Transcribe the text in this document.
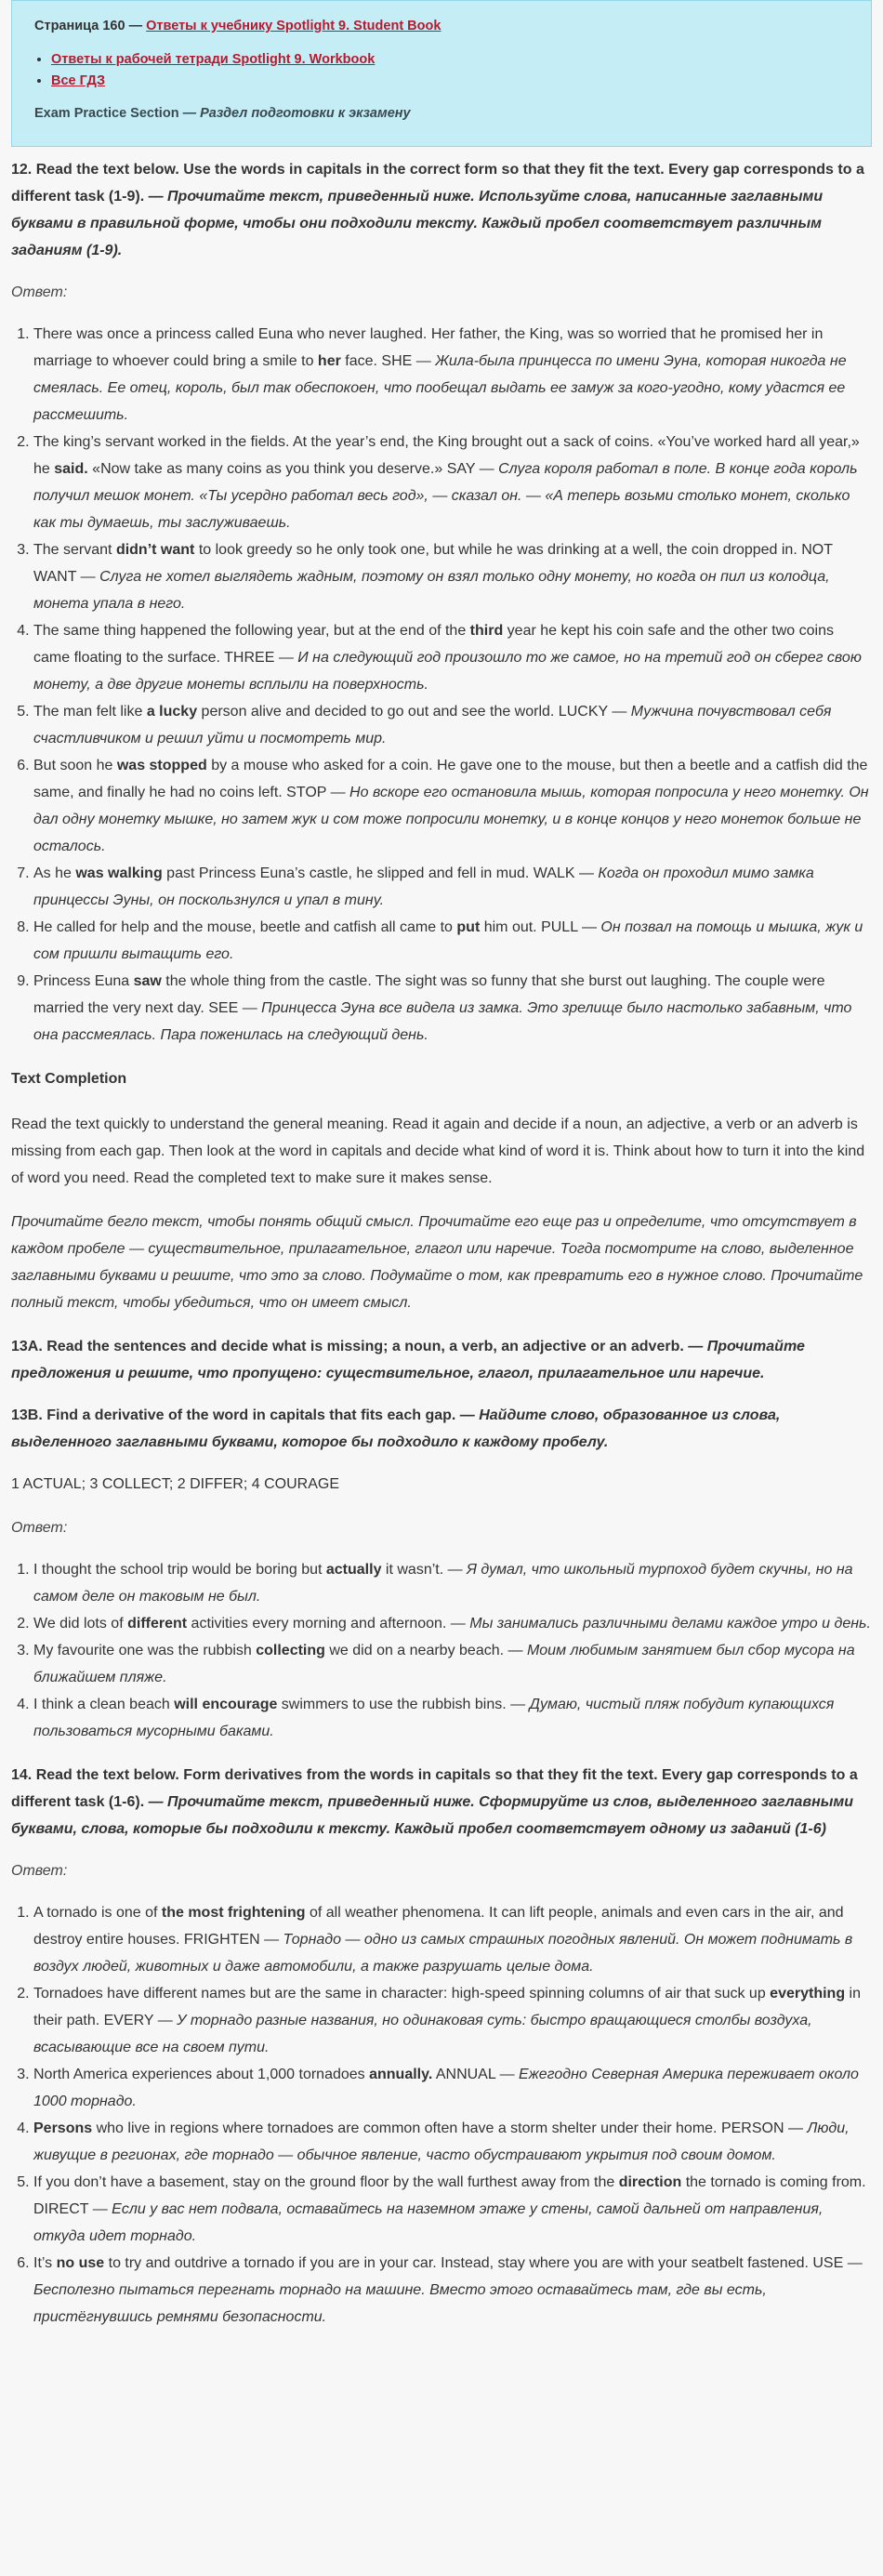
Страница 160 — Ответы к учебнику Spotlight 9. Student Book

• Ответы к рабочей тетради Spotlight 9. Workbook
• Все ГДЗ

Exam Practice Section — Раздел подготовки к экзамену

12. Read the text below. Use the words in capitals in the correct form so that they fit the text. Every gap corresponds to a different task (1-9). — Прочитайте текст, приведенный ниже. Используйте слова, написанные заглавными буквами в правильной форме, чтобы они подходили тексту. Каждый пробел соответствует различным заданиям (1-9).

Ответ:

1. There was once a princess called Euna who never laughed. Her father, the King, was so worried that he promised her in marriage to whoever could bring a smile to her face. SHE — Жила-была принцесса по имени Эуна, которая никогда не смеялась. Ее отец, король, был так обеспокоен, что пообещал выдать ее замуж за кого-угодно, кому удастся ее рассмешить.
2. The king’s servant worked in the fields. At the year’s end, the King brought out a sack of coins. «You’ve worked hard all year,» he said. «Now take as many coins as you think you deserve.» SAY — Слуга короля работал в поле. В конце года король получил мешок монет. «Ты усердно работал весь год», — сказал он. — «А теперь возьми столько монет, сколько как ты думаешь, ты заслуживаешь.
3. The servant didn’t want to look greedy so he only took one, but while he was drinking at a well, the coin dropped in. NOT WANT — Слуга не хотел выглядеть жадным, поэтому он взял только одну монету, но когда он пил из колодца, монета упала в него.
4. The same thing happened the following year, but at the end of the third year he kept his coin safe and the other two coins came floating to the surface. THREE — И на следующий год произошло то же самое, но на третий год он сберег свою монету, а две другие монеты всплыли на поверхность.
5. The man felt like a lucky person alive and decided to go out and see the world. LUCKY — Мужчина почувствовал себя счастливчиком и решил уйти и посмотреть мир.
6. But soon he was stopped by a mouse who asked for a coin. He gave one to the mouse, but then a beetle and a catfish did the same, and finally he had no coins left. STOP — Но вскоре его остановила мышь, которая попросила у него монетку. Он дал одну монетку мышке, но затем жук и сом тоже попросили монетку, и в конце концов у него монеток больше не осталось.
7. As he was walking past Princess Euna’s castle, he slipped and fell in mud. WALK — Когда он проходил мимо замка принцессы Эуны, он поскользнулся и упал в тину.
8. He called for help and the mouse, beetle and catfish all came to put him out. PULL — Он позвал на помощь и мышка, жук и сом пришли вытащить его.
9. Princess Euna saw the whole thing from the castle. The sight was so funny that she burst out laughing. The couple were married the very next day. SEE — Принцесса Эуна все видела из замка. Это зрелище было настолько забавным, что она рассмеялась. Пара поженилась на следующий день.

Text Completion

Read the text quickly to understand the general meaning. Read it again and decide if a noun, an adjective, a verb or an adverb is missing from each gap. Then look at the word in capitals and decide what kind of word it is. Think about how to turn it into the kind of word you need. Read the completed text to make sure it makes sense.

Прочитайте бегло текст, чтобы понять общий смысл. Прочитайте его еще раз и определите, что отсутствует в каждом пробеле — существительное, прилагательное, глагол или наречие. Тогда посмотрите на слово, выделенное заглавными буквами и решите, что это за слово. Подумайте о том, как превратить его в нужное слово. Прочитайте полный текст, чтобы убедиться, что он имеет смысл.

13A. Read the sentences and decide what is missing; a noun, a verb, an adjective or an adverb. — Прочитайте предложения и решите, что пропущено: существительное, глагол, прилагательное или наречие.

13B. Find a derivative of the word in capitals that fits each gap. — Найдите слово, образованное из слова, выделенного заглавными буквами, которое бы подходило к каждому пробелу.

1 ACTUAL; 3 COLLECT; 2 DIFFER; 4 COURAGE

Ответ:

1. I thought the school trip would be boring but actually it wasn’t. — Я думал, что школьный турпоход будет скучны, но на самом деле он таковым не был.
2. We did lots of different activities every morning and afternoon. — Мы занимались различными делами каждое утро и день.
3. My favourite one was the rubbish collecting we did on a nearby beach. — Моим любимым занятием был сбор мусора на ближайшем пляже.
4. I think a clean beach will encourage swimmers to use the rubbish bins. — Думаю, чистый пляж побудит купающихся пользоваться мусорными баками.

14. Read the text below. Form derivatives from the words in capitals so that they fit the text. Every gap corresponds to a different task (1-6). — Прочитайте текст, приведенный ниже. Сформируйте из слов, выделенного заглавными буквами, слова, которые бы подходили к тексту. Каждый пробел соответствует одному из заданий (1-6)

Ответ:

1. A tornado is one of the most frightening of all weather phenomena. It can lift people, animals and even cars in the air, and destroy entire houses. FRIGHTEN — Торнадо — одно из самых страшных погодных явлений. Он может поднимать в воздух людей, животных и даже автомобили, а также разрушать целые дома.
2. Tornadoes have different names but are the same in character: high-speed spinning columns of air that suck up everything in their path. EVERY — У торнадо разные названия, но одинаковая суть: быстро вращающиеся столбы воздуха, всасывающие все на своем пути.
3. North America experiences about 1,000 tornadoes annually. ANNUAL — Ежегодно Северная Америка переживает около 1000 торнадо.
4. Persons who live in regions where tornadoes are common often have a storm shelter under their home. PERSON — Люди, живущие в регионах, где торнадо — обычное явление, часто обустраивают укрытия под своим домом.
5. If you don’t have a basement, stay on the ground floor by the wall furthest away from the direction the tornado is coming from. DIRECT — Если у вас нет подвала, оставайтесь на наземном этаже у стены, самой дальней от направления, откуда идет торнадо.
6. It’s no use to try and outdrive a tornado if you are in your car. Instead, stay where you are with your seatbelt fastened. USE — Бесполезно пытаться перегнать торнадо на машине. Вместо этого оставайтесь там, где вы есть, пристёгнувшись ремнями безопасности.
